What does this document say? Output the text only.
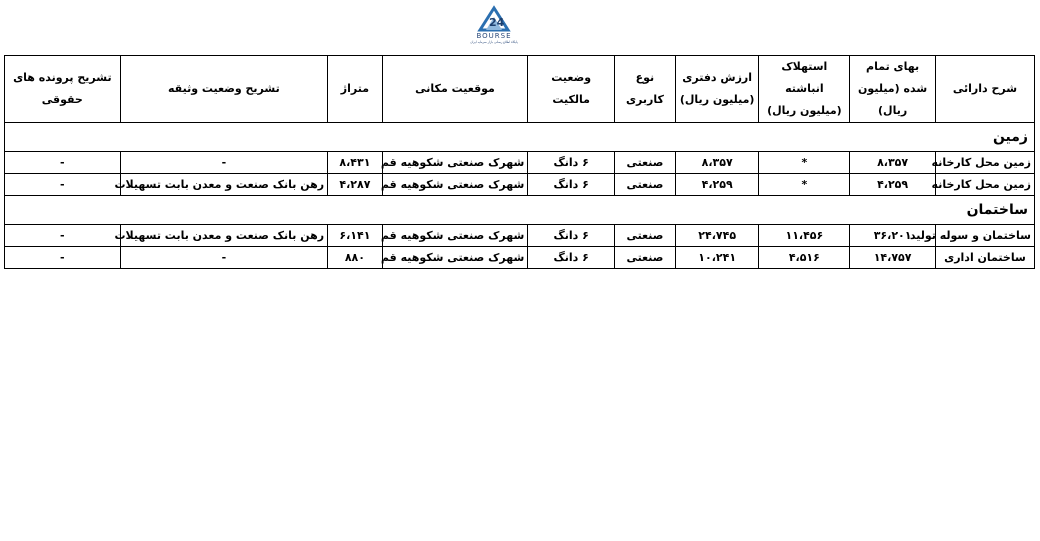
24
BOURSE
پایگاه اطلاع رسانی بازار سرمایه ایران
شرح دارائی	بهای تمام شده (میلیون ریال)	استهلاک انباشته (میلیون ریال)	ارزش دفتری (میلیون ریال)	نوع کاربری	وضعیت مالکیت	موقعیت مکانی	متراژ	تشریح وضعیت وثیقه	تشریح پرونده های حقوقی
زمین									
زمین محل کارخانه	۸،۳۵۷	*	۸،۳۵۷	صنعتی	۶ دانگ	شهرک صنعتی شکوهیه قم	۸،۴۳۱	-	-
زمین محل کارخانه	۴،۲۵۹	*	۴،۲۵۹	صنعتی	۶ دانگ	شهرک صنعتی شکوهیه قم	۴،۲۸۷	رهن بانک صنعت و معدن بابت تسهیلات	-
ساختمان									
ساختمان و سوله تولید	۳۶،۲۰۱	۱۱،۴۵۶	۲۴،۷۴۵	صنعتی	۶ دانگ	شهرک صنعتی شکوهیه قم	۶،۱۴۱	رهن بانک صنعت و معدن بابت تسهیلات	-
ساختمان اداری	۱۴،۷۵۷	۴،۵۱۶	۱۰،۲۴۱	صنعتی	۶ دانگ	شهرک صنعتی شکوهیه قم	۸۸۰	-	-
